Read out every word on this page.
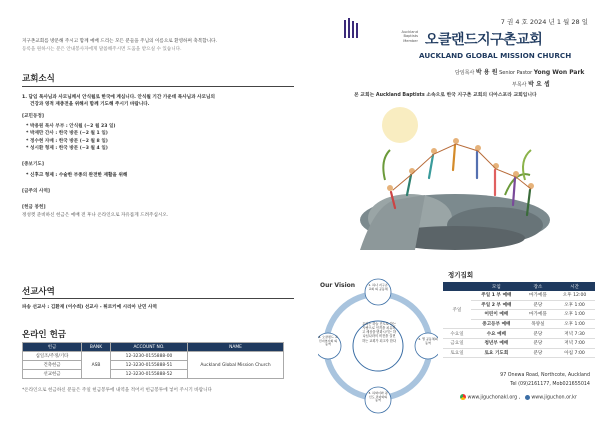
지구촌교회를 방문해 주시고 함께 예배 드리는 모든 분들을 주님의 이름으로 환영하며 축복합니다.
등록을 원하시는 분은 안내봉사자에게 말씀해주시면 도움을 받으실 수 있습니다.
교회소식
1. 담임 목사님과 사모님께서 안식월로 한국에 계십니다. 안식월 기간 가운데 목사님과 사모님의
건강과 영적 재충전을 위해서 함께 기도해 주시기 바랍니다.
[교민동정]
* 박용원 목사 부부 : 안식월 (~2 월 23 일)
* 박재만 간사 : 한국 방문 (~2 월 1 일)
* 정수현 자매 : 한국 방문 (~2 월 8 일)
* 성시환 형제 : 한국 방문 (~3 월 4 일)
[중보기도]
* 신후크 형제 : 수술한 부종의 완전한 재활을 위해
[금주의 사역]
[헌금 봉헌]
정성껏 준비하신 헌금은 예배 전 후나 온라인으로 자유롭게 드려주십시오.
선교사역
파송 선교사 : 김환재 (이수희) 선교사 - 튀르키예 시리아 난민 사역
온라인 헌금
헌금	BANK	ACCOUNT NO.	NAME
십일조/주정/기타	ASB	12-3230-0155888-00	Auckland Global Mission Church
건축헌금		12-3230-0155888-51	
선교헌금		12-3230-0155888-52	
*온라인으로 헌금하신 분들은 주일 헌금봉투에 내역을 적어서 헌금봉투에 넣어 주시기 바랍니다
7 권 4 호 2024 년 1 월 28 일
Auckland
Baptists
Member 오클랜드지구촌교회
AUCKLAND GLOBAL MISSION CHURCH
담임목사 박 용 원 Senior Pastor Yong Won Park
부목사 박 요 셉
본 교회는 Auckland Baptists 소속으로 한국 지구촌 교회의 디아스포라 교회입니다
Our Vision
우리는 하늘 진도로 하는 사람으로 인격을 치유하고 세상을 변화시키는 하나님나라의 비전을 실현하는 교회가 되고자 한다
1. 하나 지구촌교회 의 공동체
2. 열 공동체의 동역
3. 하와이와 평신도 리더와의 동역
4. 오클랜드 교민지역사회 의 동역
정기집회
	모임	장소	시간
주일	주일 1 부 예배	마가예플	오후 12:00
	주일 2 부 예배	분당	오후 1:00
	어린이 예배	마가예플	오후 1:00
	중고등부 예배	목양실	오후 1:00
수요일	수요 예배	분당	저녁 7:30
금요일	청년부 예배	분당	저녁 7:00
토요일	토요 기도회	분당	아침 7:00
97 Onewa Road, Northcote, Auckland
Tel (09)2161177, Mob021655014
www.jiguchonakl.org , www.jiguchon.or.kr
